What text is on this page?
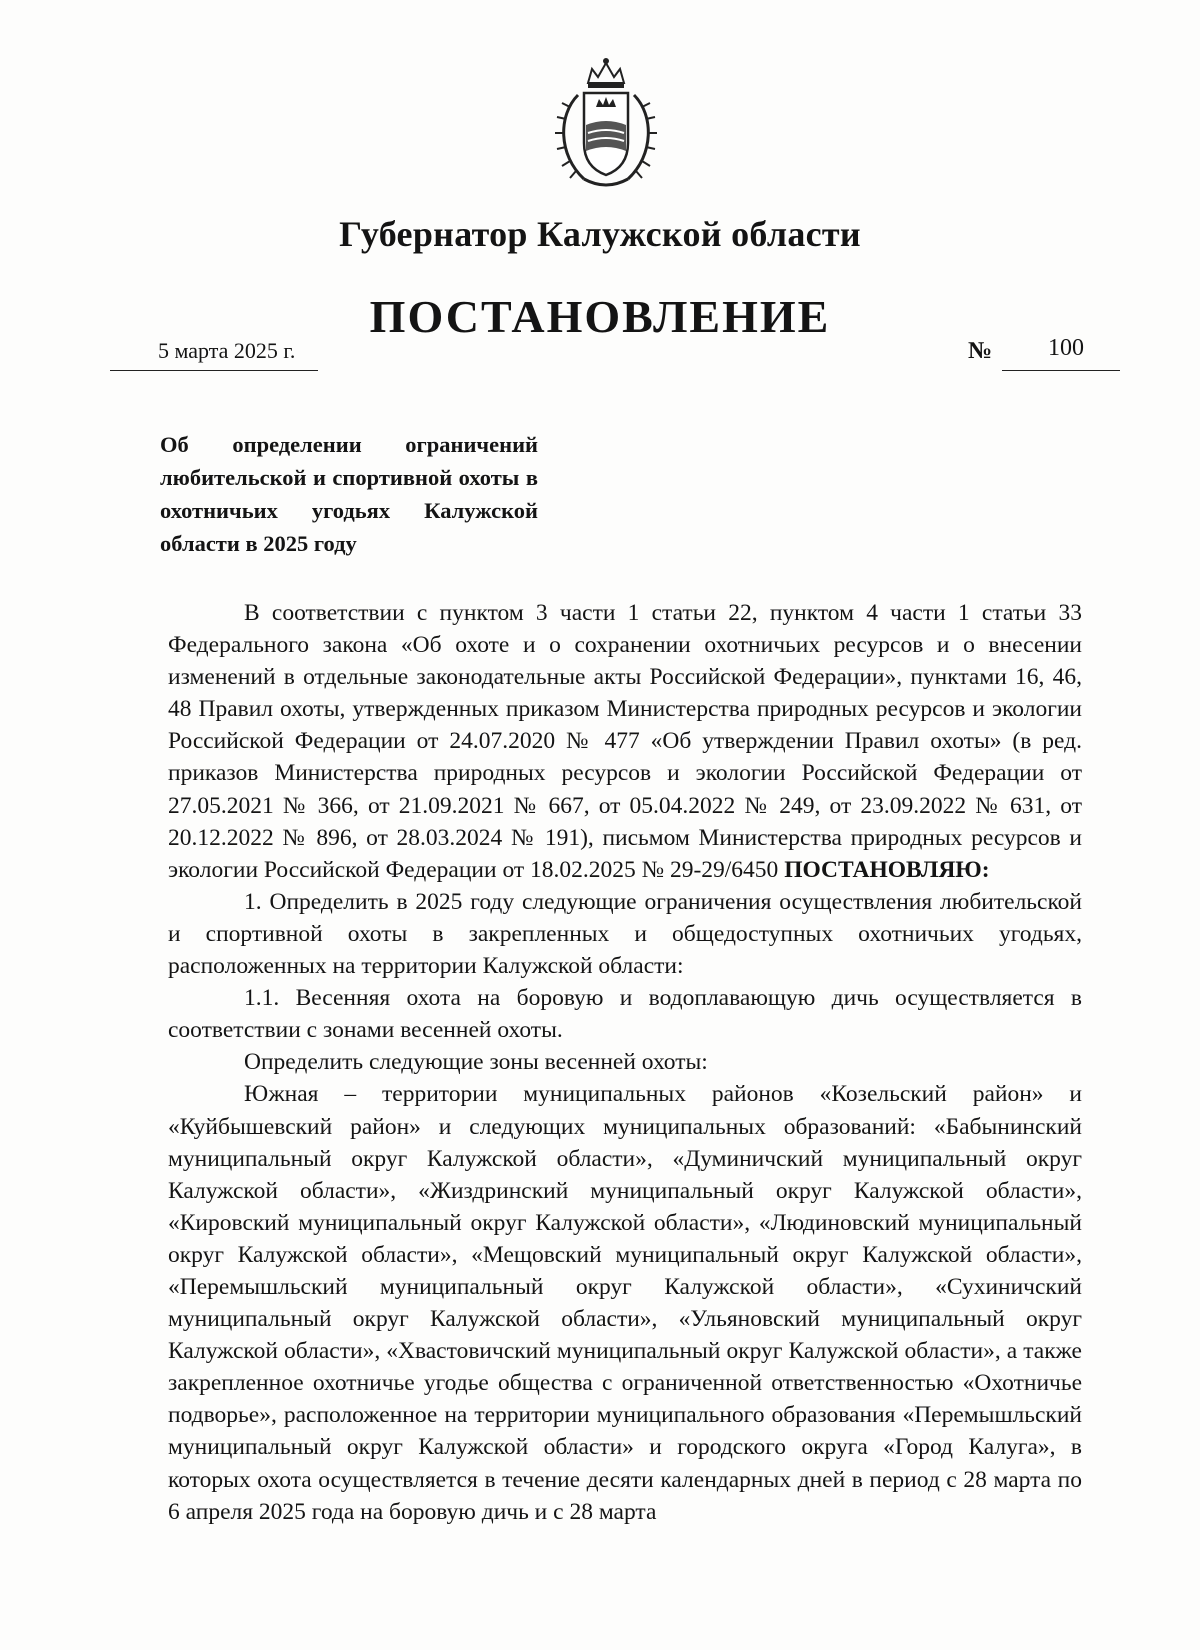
Губернатор Калужской области
ПОСТАНОВЛЕНИЕ
5 марта 2025 г.	№ 100
Об определении ограничений любительской и спортивной охоты в охотничьих угодьях Калужской области в 2025 году

В соответствии с пунктом 3 части 1 статьи 22, пунктом 4 части 1 статьи 33 Федерального закона «Об охоте и о сохранении охотничьих ресурсов и о внесении изменений в отдельные законодательные акты Российской Федерации», пунктами 16, 46, 48 Правил охоты, утвержденных приказом Министерства природных ресурсов и экологии Российской Федерации от 24.07.2020 № 477 «Об утверждении Правил охоты» (в ред. приказов Министерства природных ресурсов и экологии Российской Федерации от 27.05.2021 № 366, от 21.09.2021 № 667, от 05.04.2022 № 249, от 23.09.2022 № 631, от 20.12.2022 № 896, от 28.03.2024 № 191), письмом Министерства природных ресурсов и экологии Российской Федерации от 18.02.2025 № 29-29/6450 ПОСТАНОВЛЯЮ:

1. Определить в 2025 году следующие ограничения осуществления любительской и спортивной охоты в закрепленных и общедоступных охотничьих угодьях, расположенных на территории Калужской области:

1.1. Весенняя охота на боровую и водоплавающую дичь осуществляется в соответствии с зонами весенней охоты.

Определить следующие зоны весенней охоты:

Южная – территории муниципальных районов «Козельский район» и «Куйбышевский район» и следующих муниципальных образований: «Бабынинский муниципальный округ Калужской области», «Думиничский муниципальный округ Калужской области», «Жиздринский муниципальный округ Калужской области», «Кировский муниципальный округ Калужской области», «Людиновский муниципальный округ Калужской области», «Мещовский муниципальный округ Калужской области», «Перемышльский муниципальный округ Калужской области», «Сухиничский муниципальный округ Калужской области», «Ульяновский муниципальный округ Калужской области», «Хвастовичский муниципальный округ Калужской области», а также закрепленное охотничье угодье общества с ограниченной ответственностью «Охотничье подворье», расположенное на территории муниципального образования «Перемышльский муниципальный округ Калужской области» и городского округа «Город Калуга», в которых охота осуществляется в течение десяти календарных дней в период с 28 марта по 6 апреля 2025 года на боровую дичь и с 28 марта
